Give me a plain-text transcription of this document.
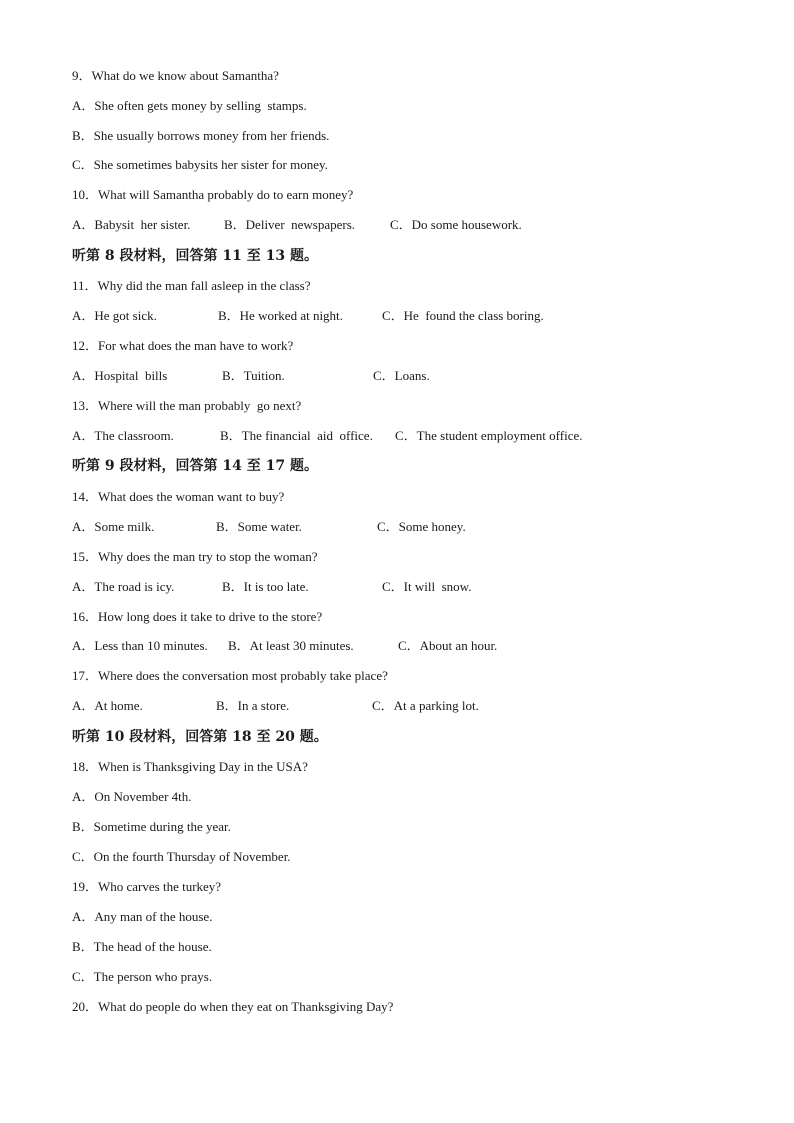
9．What do we know about Samantha?
A．She often gets money by selling  stamps.
B．She usually borrows money from her friends.
C．She sometimes babysits her sister for money.
10．What will Samantha probably do to earn money?
A．Babysit  her sister.	B．Deliver  newspapers.	C．Do some housework.
听第 8 段材料，回答第 11 至 13 题。
11．Why did the man fall asleep in the class?
A．He got sick.	B．He worked at night.	C．He  found the class boring.
12．For what does the man have to work?
A．Hospital  bills	B．Tuition.	C．Loans.
13．Where will the man probably  go next?
A．The classroom.	B．The financial  aid  office. C．The student employment office.
听第 9 段材料，回答第 14 至 17 题。
14．What does the woman want to buy?
A．Some milk.	B．Some water.	C．Some honey.
15．Why does the man try to stop the woman?
A．The road is icy.	B．It is too late.	C．It will  snow.
16．How long does it take to drive to the store?
A．Less than 10 minutes. B．At least 30 minutes.	C．About an hour.
17．Where does the conversation most probably take place?
A．At home.	B．In a store.	C．At a parking lot.
听第 10 段材料，回答第 18 至 20 题。
18．When is Thanksgiving Day in the USA?
A．On November 4th.
B．Sometime during the year.
C．On the fourth Thursday of November.
19．Who carves the turkey?
A．Any man of the house.
B．The head of the house.
C．The person who prays.
20．What do people do when they eat on Thanksgiving Day?
